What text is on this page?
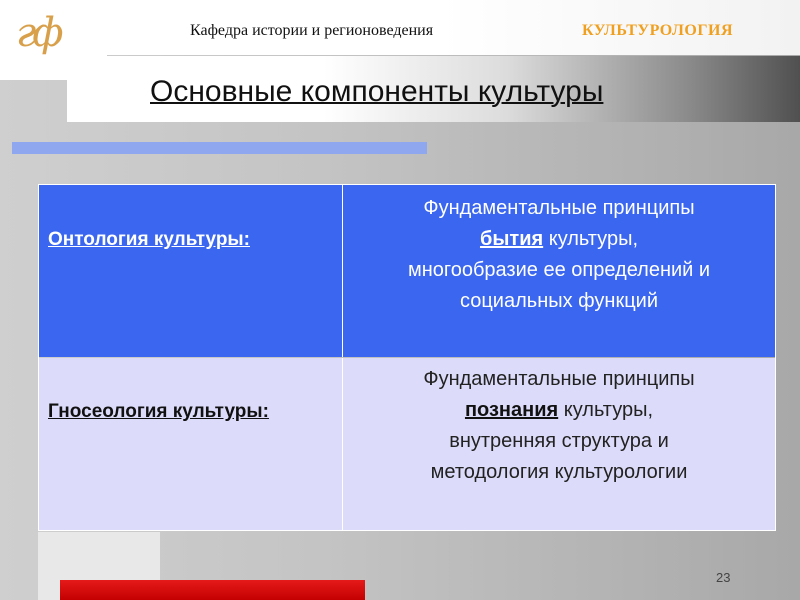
гф	Кафедра истории и регионоведения	КУЛЬТУРОЛОГИЯ
Основные компоненты культуры
Онтология культуры:
Фундаментальные принципы
бытия культуры,
многообразие ее определений и
социальных функций
Гносеология культуры:
Фундаментальные принципы
познания культуры,
внутренняя структура и
методология культурологии
23
